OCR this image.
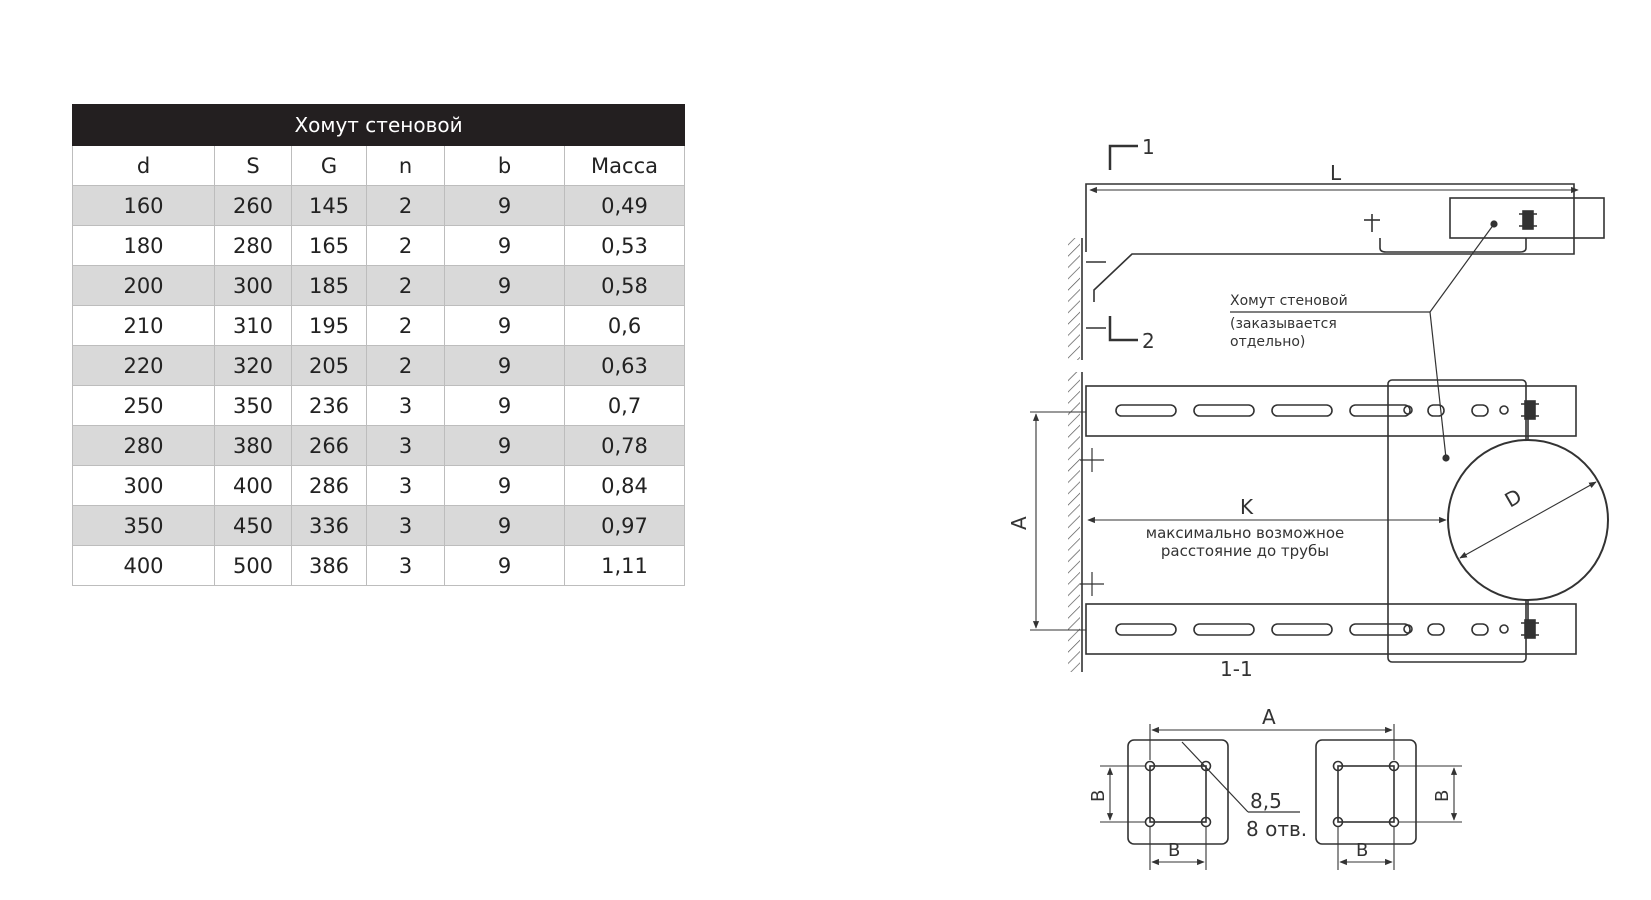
Хомут стеновой					
d	S	G	n	b	Масса
160	260	145	2	9	0,49
180	280	165	2	9	0,53
200	300	185	2	9	0,58
210	310	195	2	9	0,6
220	320	205	2	9	0,63
250	350	236	3	9	0,7
280	380	266	3	9	0,78
300	400	286	3	9	0,84
350	450	336	3	9	0,97
400	500	386	3	9	1,11
1
2
L
Хомут стеновой
(заказывается
отдельно)
A
K	D
максимально возможное
расстояние до трубы
1-1
A
B	B
B	B
8,5
8 отв.
